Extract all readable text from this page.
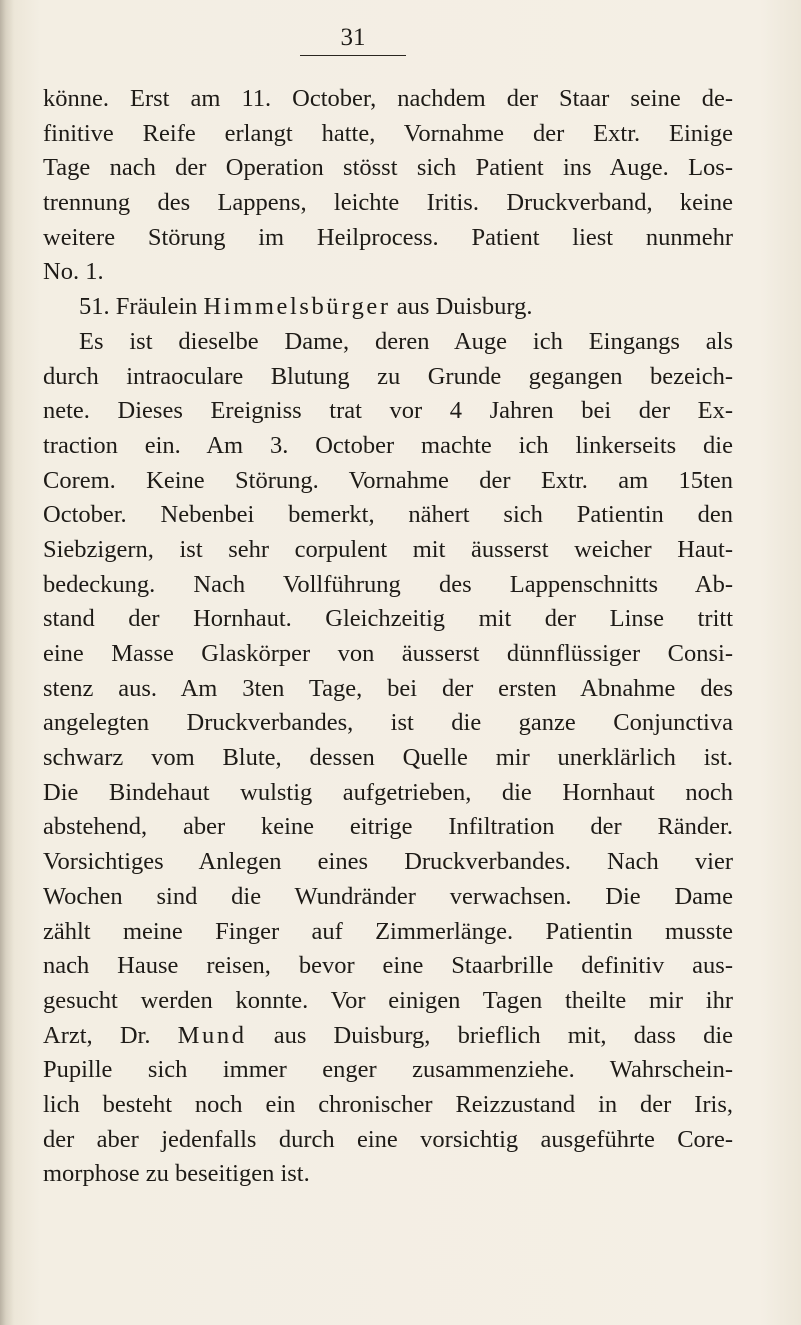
31
könne. Erst am 11. October, nachdem der Staar seine de-
finitive Reife erlangt hatte, Vornahme der Extr. Einige
Tage nach der Operation stösst sich Patient ins Auge. Los-
trennung des Lappens, leichte Iritis. Druckverband, keine
weitere Störung im Heilprocess. Patient liest nunmehr
No. 1.
51. Fräulein Himmelsbürger aus Duisburg.
Es ist dieselbe Dame, deren Auge ich Eingangs als
durch intraoculare Blutung zu Grunde gegangen bezeich-
nete. Dieses Ereigniss trat vor 4 Jahren bei der Ex-
traction ein. Am 3. October machte ich linkerseits die
Corem. Keine Störung. Vornahme der Extr. am 15ten
October. Nebenbei bemerkt, nähert sich Patientin den
Siebzigern, ist sehr corpulent mit äusserst weicher Haut-
bedeckung. Nach Vollführung des Lappenschnitts Ab-
stand der Hornhaut. Gleichzeitig mit der Linse tritt
eine Masse Glaskörper von äusserst dünnflüssiger Consi-
stenz aus. Am 3ten Tage, bei der ersten Abnahme des
angelegten Druckverbandes, ist die ganze Conjunctiva
schwarz vom Blute, dessen Quelle mir unerklärlich ist.
Die Bindehaut wulstig aufgetrieben, die Hornhaut noch
abstehend, aber keine eitrige Infiltration der Ränder.
Vorsichtiges Anlegen eines Druckverbandes. Nach vier
Wochen sind die Wundränder verwachsen. Die Dame
zählt meine Finger auf Zimmerlänge. Patientin musste
nach Hause reisen, bevor eine Staarbrille definitiv aus-
gesucht werden konnte. Vor einigen Tagen theilte mir ihr
Arzt, Dr. Mund aus Duisburg, brieflich mit, dass die
Pupille sich immer enger zusammenziehe. Wahrschein-
lich besteht noch ein chronischer Reizzustand in der Iris,
der aber jedenfalls durch eine vorsichtig ausgeführte Core-
morphose zu beseitigen ist.
